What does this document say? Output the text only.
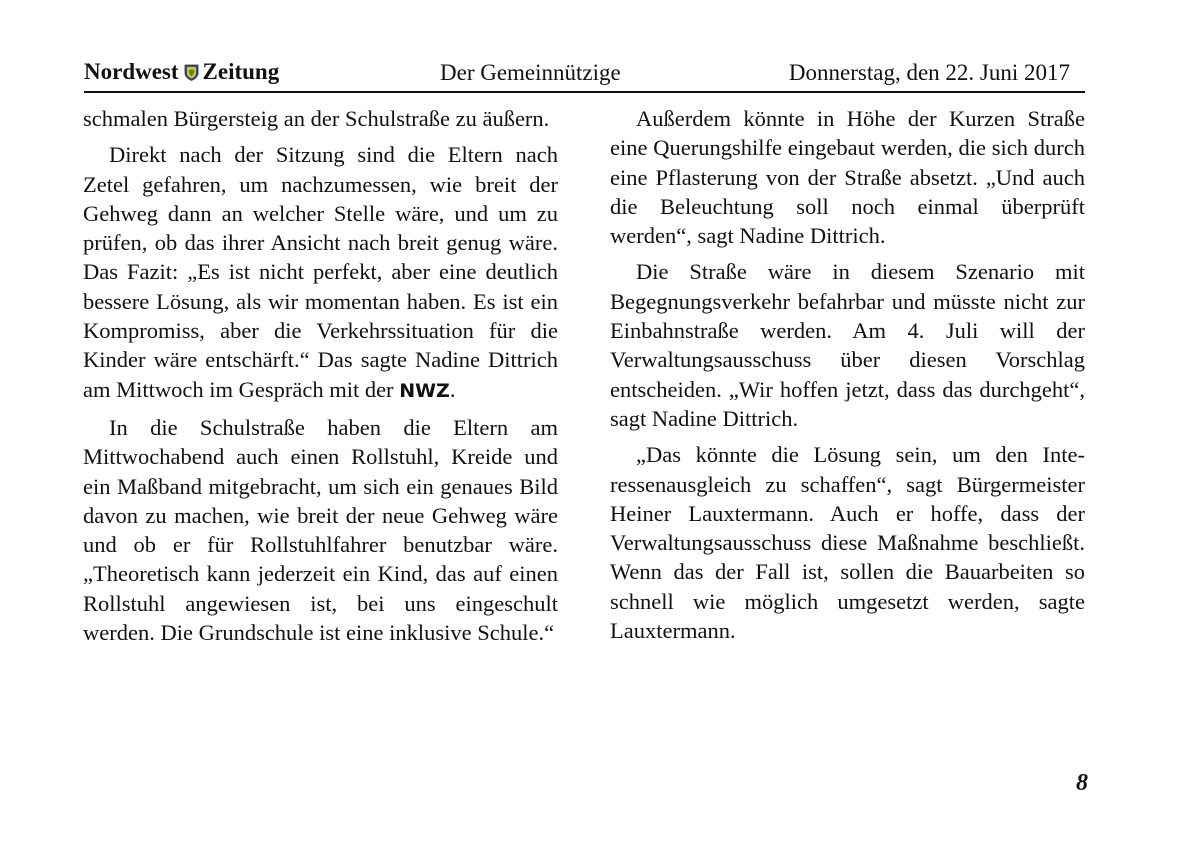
Nordwest Zeitung	Der Gemeinnützige	Donnerstag, den 22. Juni 2017

schmalen Bürgersteig an der Schulstraße zu äußern.

Direkt nach der Sitzung sind die Eltern nach Zetel gefahren, um nachzumessen, wie breit der Gehweg dann an welcher Stelle wäre, und um zu prüfen, ob das ihrer Ansicht nach breit genug wäre. Das Fazit: „Es ist nicht perfekt, aber eine deutlich bessere Lösung, als wir momentan haben. Es ist ein Kompromiss, aber die Verkehrssituation für die Kinder wäre entschärft.“ Das sagte Nadine Dittrich am Mittwoch im Gespräch mit der NWZ.

In die Schulstraße haben die Eltern am Mittwochabend auch einen Rollstuhl, Kreide und ein Maßband mitgebracht, um sich ein genaues Bild davon zu machen, wie breit der neue Gehweg wäre und ob er für Rollstuhlfahrer benutzbar wäre. „Theoretisch kann jederzeit ein Kind, das auf einen Rollstuhl angewiesen ist, bei uns eingeschult werden. Die Grundschule ist eine inklusive Schule.“

Außerdem könnte in Höhe der Kurzen Straße eine Querungshilfe eingebaut werden, die sich durch eine Pflasterung von der Straße absetzt. „Und auch die Beleuchtung soll noch einmal überprüft werden“, sagt Nadine Dittrich.

Die Straße wäre in diesem Szenario mit Begegnungsverkehr befahrbar und müsste nicht zur Einbahnstraße werden. Am 4. Juli will der Verwaltungsausschuss über diesen Vorschlag entscheiden. „Wir hoffen jetzt, dass das durchgeht“, sagt Nadine Dittrich.

„Das könnte die Lösung sein, um den Interessenausgleich zu schaffen“, sagt Bürgermeister Heiner Lauxtermann. Auch er hoffe, dass der Verwaltungsausschuss diese Maßnahme beschließt. Wenn das der Fall ist, sollen die Bauarbeiten so schnell wie möglich umgesetzt werden, sagte Lauxtermann.

8
